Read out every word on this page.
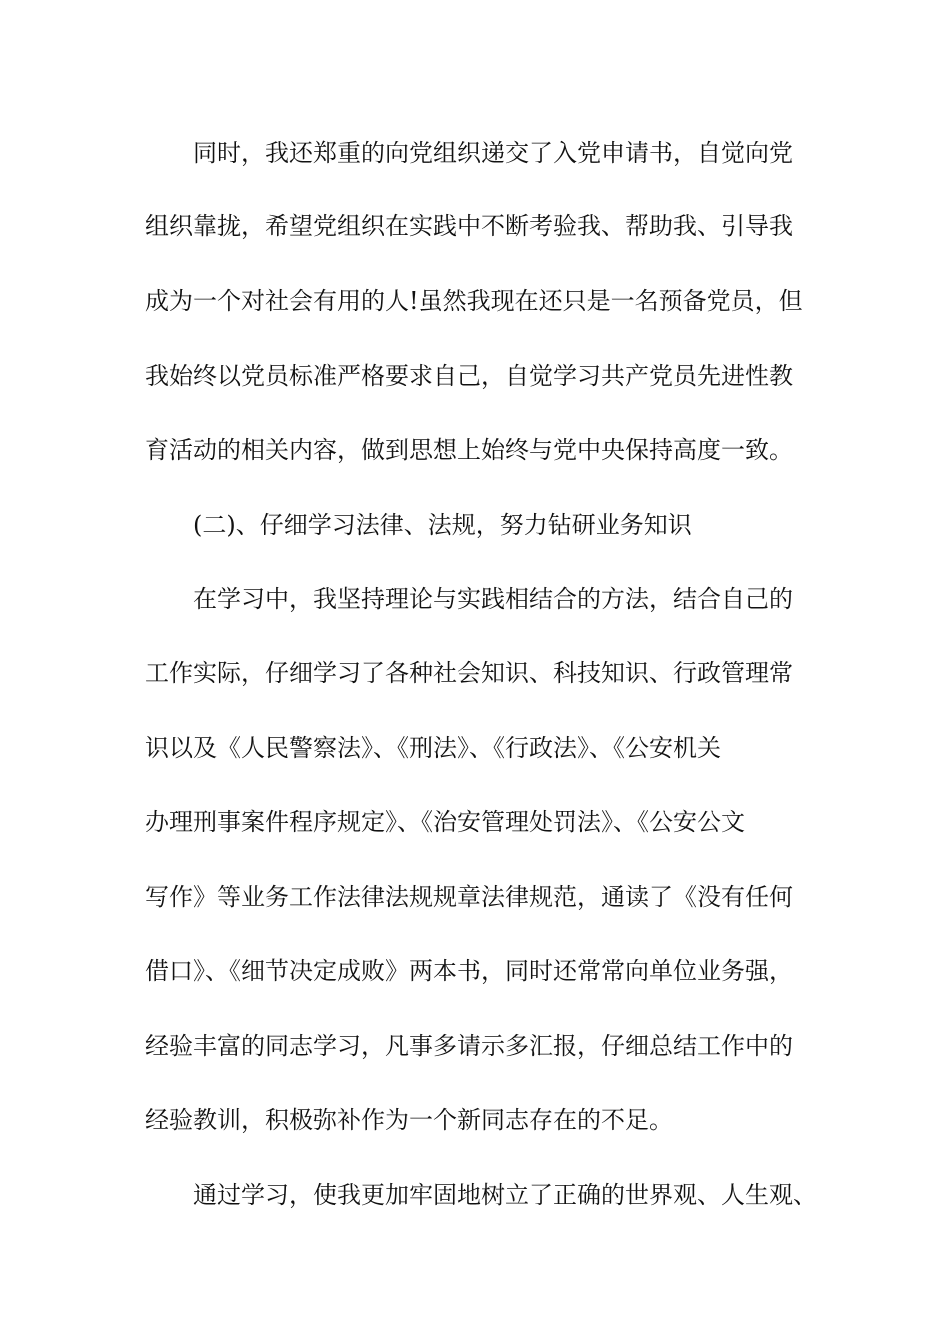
同时，我还郑重的向党组织递交了入党申请书，自觉向党
组织靠拢，希望党组织在实践中不断考验我、帮助我、引导我
成为一个对社会有用的人!虽然我现在还只是一名预备党员，但
我始终以党员标准严格要求自己，自觉学习共产党员先进性教
育活动的相关内容，做到思想上始终与党中央保持高度一致。
(二)、仔细学习法律、法规，努力钻研业务知识
在学习中，我坚持理论与实践相结合的方法，结合自己的
工作实际，仔细学习了各种社会知识、科技知识、行政管理常
识以及《人民警察法》、《刑法》、《行政法》、《公安机关
办理刑事案件程序规定》、《治安管理处罚法》、《公安公文
写作》等业务工作法律法规规章法律规范，通读了《没有任何
借口》、《细节决定成败》两本书，同时还常常向单位业务强，
经验丰富的同志学习，凡事多请示多汇报，仔细总结工作中的
经验教训，积极弥补作为一个新同志存在的不足。
通过学习，使我更加牢固地树立了正确的世界观、人生观、
